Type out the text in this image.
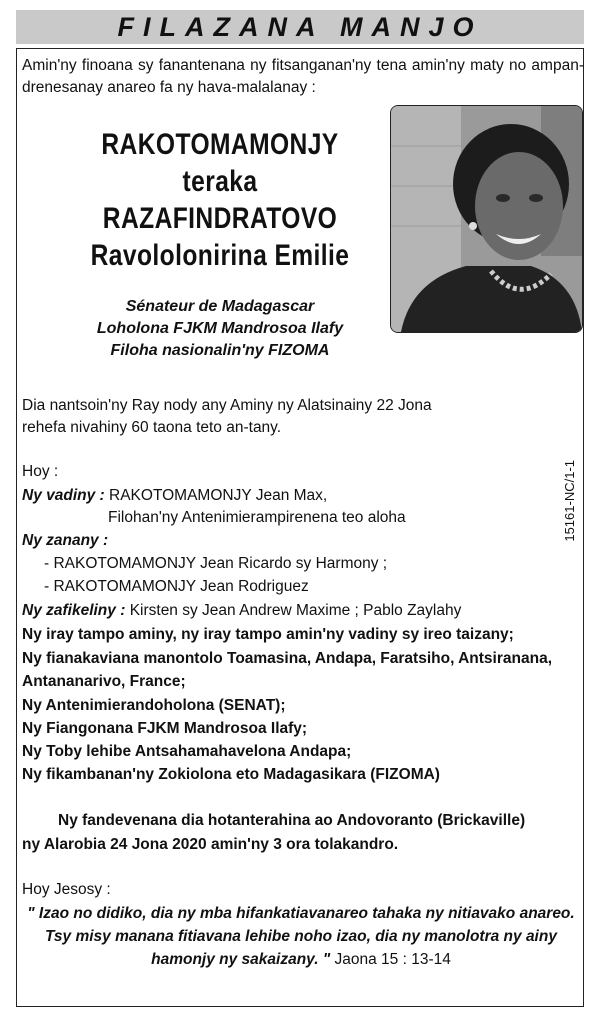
FILAZANA MANJO
Amin'ny finoana sy fanantenana ny fitsanganan'ny tena amin'ny maty no ampan-drenesanay anareo fa ny hava-malalanay :
RAKOTOMAMONJY
teraka
RAZAFINDRATOVO
Ravololonirina Emilie
Sénateur de Madagascar
Loholona FJKM Mandrosoa Ilafy
Filoha nasionalin'ny FIZOMA
Dia nantsoin'ny Ray nody any Aminy ny Alatsinainy 22 Jona
rehefa nivahiny 60 taona teto an-tany.
Hoy :
Ny vadiny : RAKOTOMAMONJY Jean Max,
Filohan'ny Antenimierampirenena teo aloha
Ny zanany :
- RAKOTOMAMONJY Jean Ricardo sy Harmony ;
- RAKOTOMAMONJY Jean Rodriguez
Ny zafikeliny : Kirsten sy Jean Andrew Maxime ; Pablo Zaylahy
Ny iray tampo aminy, ny iray tampo amin'ny vadiny sy ireo taizany;
Ny fianakaviana manontolo Toamasina, Andapa, Faratsiho, Antsiranana,
Antananarivo, France;
Ny Antenimierandoholona (SENAT);
Ny Fiangonana FJKM Mandrosoa Ilafy;
Ny Toby lehibe Antsahamahavelona Andapa;
Ny fikambanan'ny Zokiolona eto Madagasikara (FIZOMA)
Ny fandevenana dia hotanterahina ao Andovoranto (Brickaville)
ny Alarobia 24 Jona 2020 amin'ny 3 ora tolakandro.
Hoy Jesosy :
" Izao no didiko, dia ny mba hifankatiavanareo tahaka ny nitiavako anareo.
Tsy misy manana fitiavana lehibe noho izao, dia ny manolotra ny ainy
hamonjy ny sakaizany. " Jaona 15 : 13-14
15161-NC/1-1
